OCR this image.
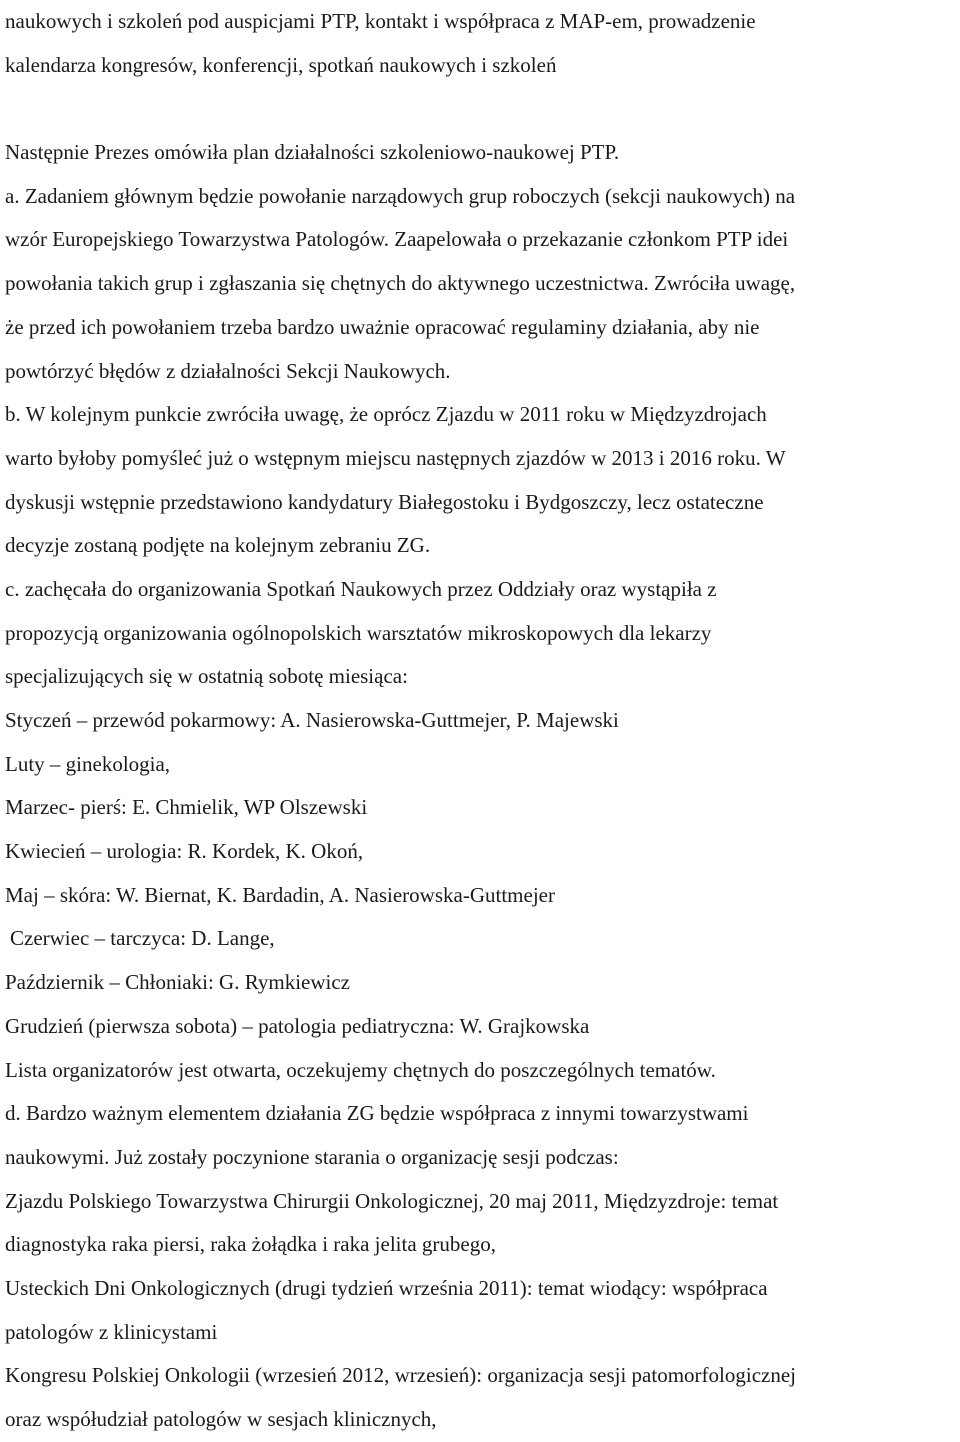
naukowych i szkoleń pod auspicjami PTP, kontakt i współpraca z MAP-em, prowadzenie
kalendarza kongresów, konferencji, spotkań naukowych i szkoleń
Następnie Prezes omówiła plan działalności szkoleniowo-naukowej PTP.
a. Zadaniem głównym będzie powołanie narządowych grup roboczych (sekcji naukowych) na
wzór Europejskiego Towarzystwa Patologów. Zaapelowała o przekazanie członkom PTP idei
powołania takich grup i zgłaszania się chętnych do aktywnego uczestnictwa. Zwróciła uwagę,
że przed ich powołaniem trzeba bardzo uważnie opracować regulaminy działania, aby nie
powtórzyć błędów z działalności Sekcji Naukowych.
b. W kolejnym punkcie zwróciła uwagę, że oprócz Zjazdu w 2011 roku w Międzyzdrojach
warto byłoby pomyśleć już o wstępnym miejscu następnych zjazdów w 2013 i 2016 roku. W
dyskusji wstępnie przedstawiono kandydatury Białegostoku i Bydgoszczy, lecz ostateczne
decyzje zostaną podjęte na kolejnym zebraniu ZG.
c. zachęcała do organizowania Spotkań Naukowych przez Oddziały oraz wystąpiła z
propozycją organizowania ogólnopolskich warsztatów mikroskopowych dla lekarzy
specjalizujących się w ostatnią sobotę miesiąca:
Styczeń – przewód pokarmowy: A. Nasierowska-Guttmejer, P. Majewski
Luty – ginekologia,
Marzec- pierś: E. Chmielik, WP Olszewski
Kwiecień – urologia: R. Kordek, K. Okoń,
Maj – skóra: W. Biernat, K. Bardadin, A. Nasierowska-Guttmejer
Czerwiec – tarczyca: D. Lange,
Październik – Chłoniaki: G. Rymkiewicz
Grudzień (pierwsza sobota) – patologia pediatryczna: W. Grajkowska
Lista organizatorów jest otwarta, oczekujemy chętnych do poszczególnych tematów.
d. Bardzo ważnym elementem działania ZG będzie współpraca z innymi towarzystwami
naukowymi. Już zostały poczynione starania o organizację sesji podczas:
Zjazdu Polskiego Towarzystwa Chirurgii Onkologicznej, 20 maj 2011, Międzyzdroje: temat
diagnostyka raka piersi, raka żołądka i raka jelita grubego,
Usteckich Dni Onkologicznych (drugi tydzień września 2011): temat wiodący: współpraca
patologów z klinicystami
Kongresu Polskiej Onkologii (wrzesień 2012, wrzesień): organizacja sesji patomorfologicznej
oraz współudział patologów w sesjach klinicznych,
